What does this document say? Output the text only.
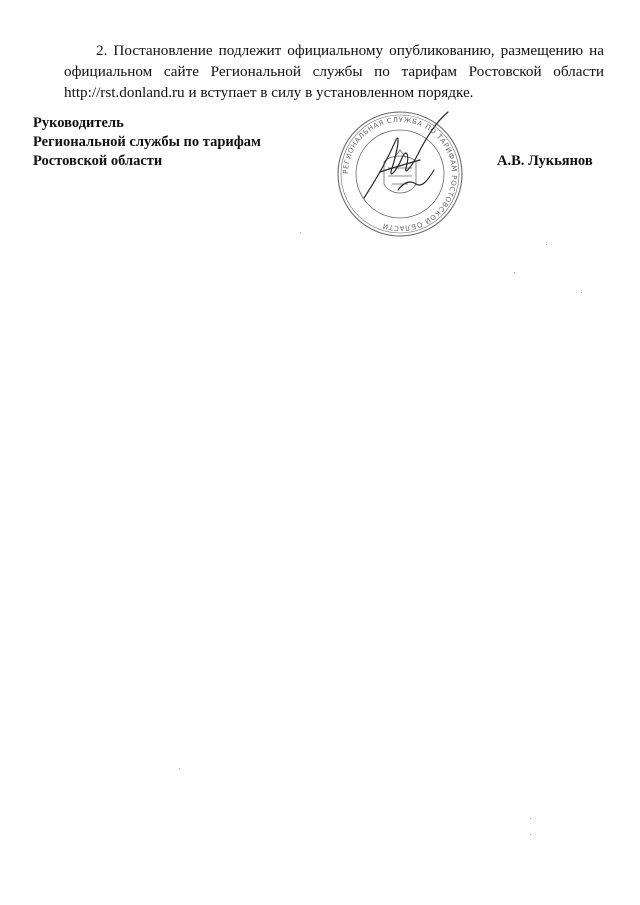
2. Постановление подлежит официальному опубликованию, размещению на официальном сайте Региональной службы по тарифам Ростовской области http://rst.donland.ru и вступает в силу в установленном порядке.

Руководитель
Региональной службы по тарифам
Ростовской области
РЕГИОНАЛЬНАЯ СЛУЖБА ПО ТАРИФАМ РОСТОВСКОЙ ОБЛАСТИ
А.В. Лукьянов
